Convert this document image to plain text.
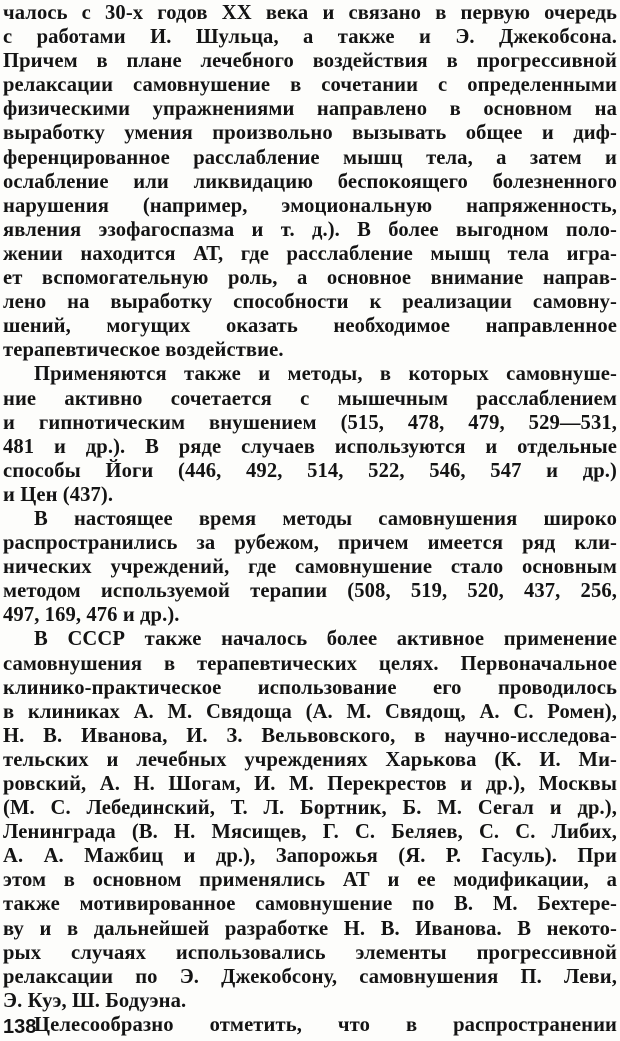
чалось с 30-х годов XX века и связано в первую очередь
с работами И. Шульца, а также и Э. Джекобсона.
Причем в плане лечебного воздействия в прогрессивной
релаксации самовнушение в сочетании с определенными
физическими упражнениями направлено в основном на
выработку умения произвольно вызывать общее и диф-
ференцированное расслабление мышц тела, а затем и
ослабление или ликвидацию беспокоящего болезненного
нарушения (например, эмоциональную напряженность,
явления эзофагоспазма и т. д.). В более выгодном поло-
жении находится АТ, где расслабление мышц тела игра-
ет вспомогательную роль, а основное внимание направ-
лено на выработку способности к реализации самовну-
шений, могущих оказать необходимое направленное
терапевтическое воздействие.
Применяются также и методы, в которых самовнуше-
ние активно сочетается с мышечным расслаблением
и гипнотическим внушением (515, 478, 479, 529—531,
481 и др.). В ряде случаев используются и отдельные
способы Йоги (446, 492, 514, 522, 546, 547 и др.)
и Цен (437).
В настоящее время методы самовнушения широко
распространились за рубежом, причем имеется ряд кли-
нических учреждений, где самовнушение стало основным
методом используемой терапии (508, 519, 520, 437, 256,
497, 169, 476 и др.).
В СССР также началось более активное применение
самовнушения в терапевтических целях. Первоначальное
клинико-практическое использование его проводилось
в клиниках А. М. Свядоща (А. М. Свядощ, А. С. Ромен),
Н. В. Иванова, И. З. Вельвовского, в научно-исследова-
тельских и лечебных учреждениях Харькова (К. И. Ми-
ровский, А. Н. Шогам, И. М. Перекрестов и др.), Москвы
(М. С. Лебединский, Т. Л. Бортник, Б. М. Сегал и др.),
Ленинграда (В. Н. Мясищев, Г. С. Беляев, С. С. Либих,
А. А. Мажбиц и др.), Запорожья (Я. Р. Гасуль). При
этом в основном применялись АТ и ее модификации, а
также мотивированное самовнушение по В. М. Бехтере-
ву и в дальнейшей разработке Н. В. Иванова. В некото-
рых случаях использовались элементы прогрессивной
релаксации по Э. Джекобсону, самовнушения П. Леви,
Э. Куэ, Ш. Бодуэна.
Целесообразно отметить, что в распространении
138
